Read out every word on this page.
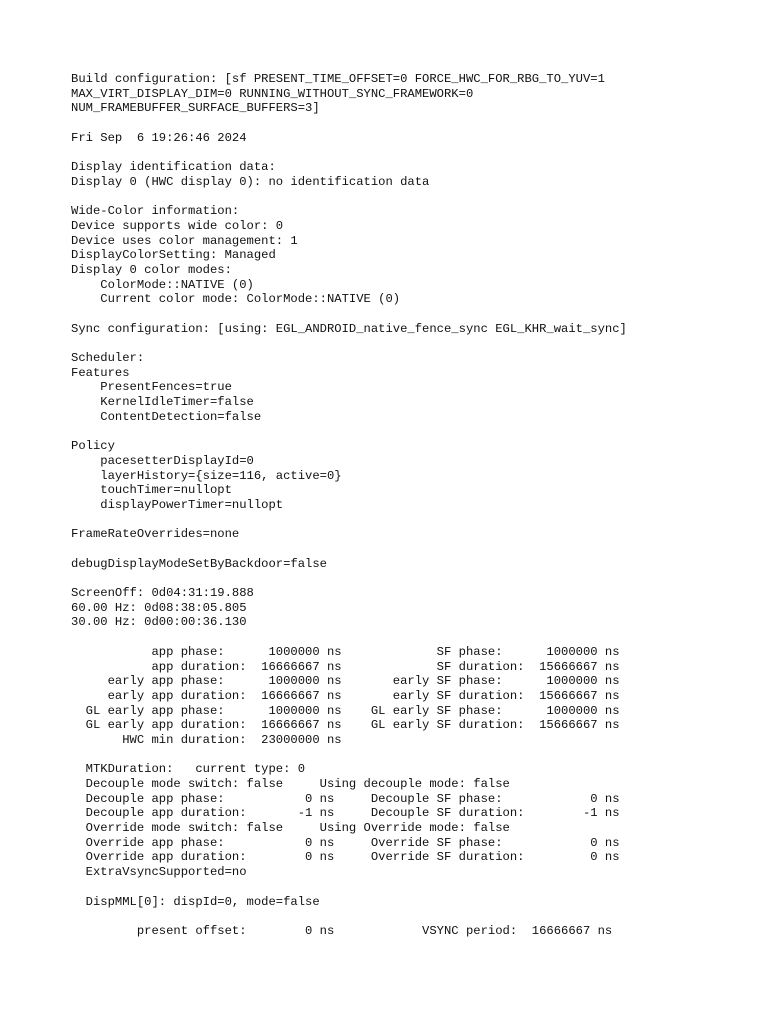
Build configuration: [sf PRESENT_TIME_OFFSET=0 FORCE_HWC_FOR_RBG_TO_YUV=1
MAX_VIRT_DISPLAY_DIM=0 RUNNING_WITHOUT_SYNC_FRAMEWORK=0
NUM_FRAMEBUFFER_SURFACE_BUFFERS=3]
Fri Sep  6 19:26:46 2024
Display identification data:
Display 0 (HWC display 0): no identification data
Wide-Color information:
Device supports wide color: 0
Device uses color management: 1
DisplayColorSetting: Managed
Display 0 color modes:
ColorMode::NATIVE (0)
Current color mode: ColorMode::NATIVE (0)
Sync configuration: [using: EGL_ANDROID_native_fence_sync EGL_KHR_wait_sync]
Scheduler:
Features
PresentFences=true
KernelIdleTimer=false
ContentDetection=false
Policy
pacesetterDisplayId=0
layerHistory={size=116, active=0}
touchTimer=nullopt
displayPowerTimer=nullopt
FrameRateOverrides=none
debugDisplayModeSetByBackdoor=false
ScreenOff: 0d04:31:19.888
60.00 Hz: 0d08:38:05.805
30.00 Hz: 0d00:00:36.130
app phase:      1000000 ns             SF phase:      1000000 ns
app duration:  16666667 ns             SF duration:  15666667 ns
early app phase:      1000000 ns       early SF phase:      1000000 ns
early app duration:  16666667 ns       early SF duration:  15666667 ns
GL early app phase:      1000000 ns    GL early SF phase:      1000000 ns
GL early app duration:  16666667 ns    GL early SF duration:  15666667 ns
HWC min duration:  23000000 ns
MTKDuration:   current type: 0
Decouple mode switch: false     Using decouple mode: false
Decouple app phase:           0 ns     Decouple SF phase:            0 ns
Decouple app duration:       -1 ns     Decouple SF duration:        -1 ns
Override mode switch: false     Using Override mode: false
Override app phase:           0 ns     Override SF phase:            0 ns
Override app duration:        0 ns     Override SF duration:         0 ns
ExtraVsyncSupported=no
DispMML[0]: dispId=0, mode=false
present offset:        0 ns            VSYNC period:  16666667 ns
